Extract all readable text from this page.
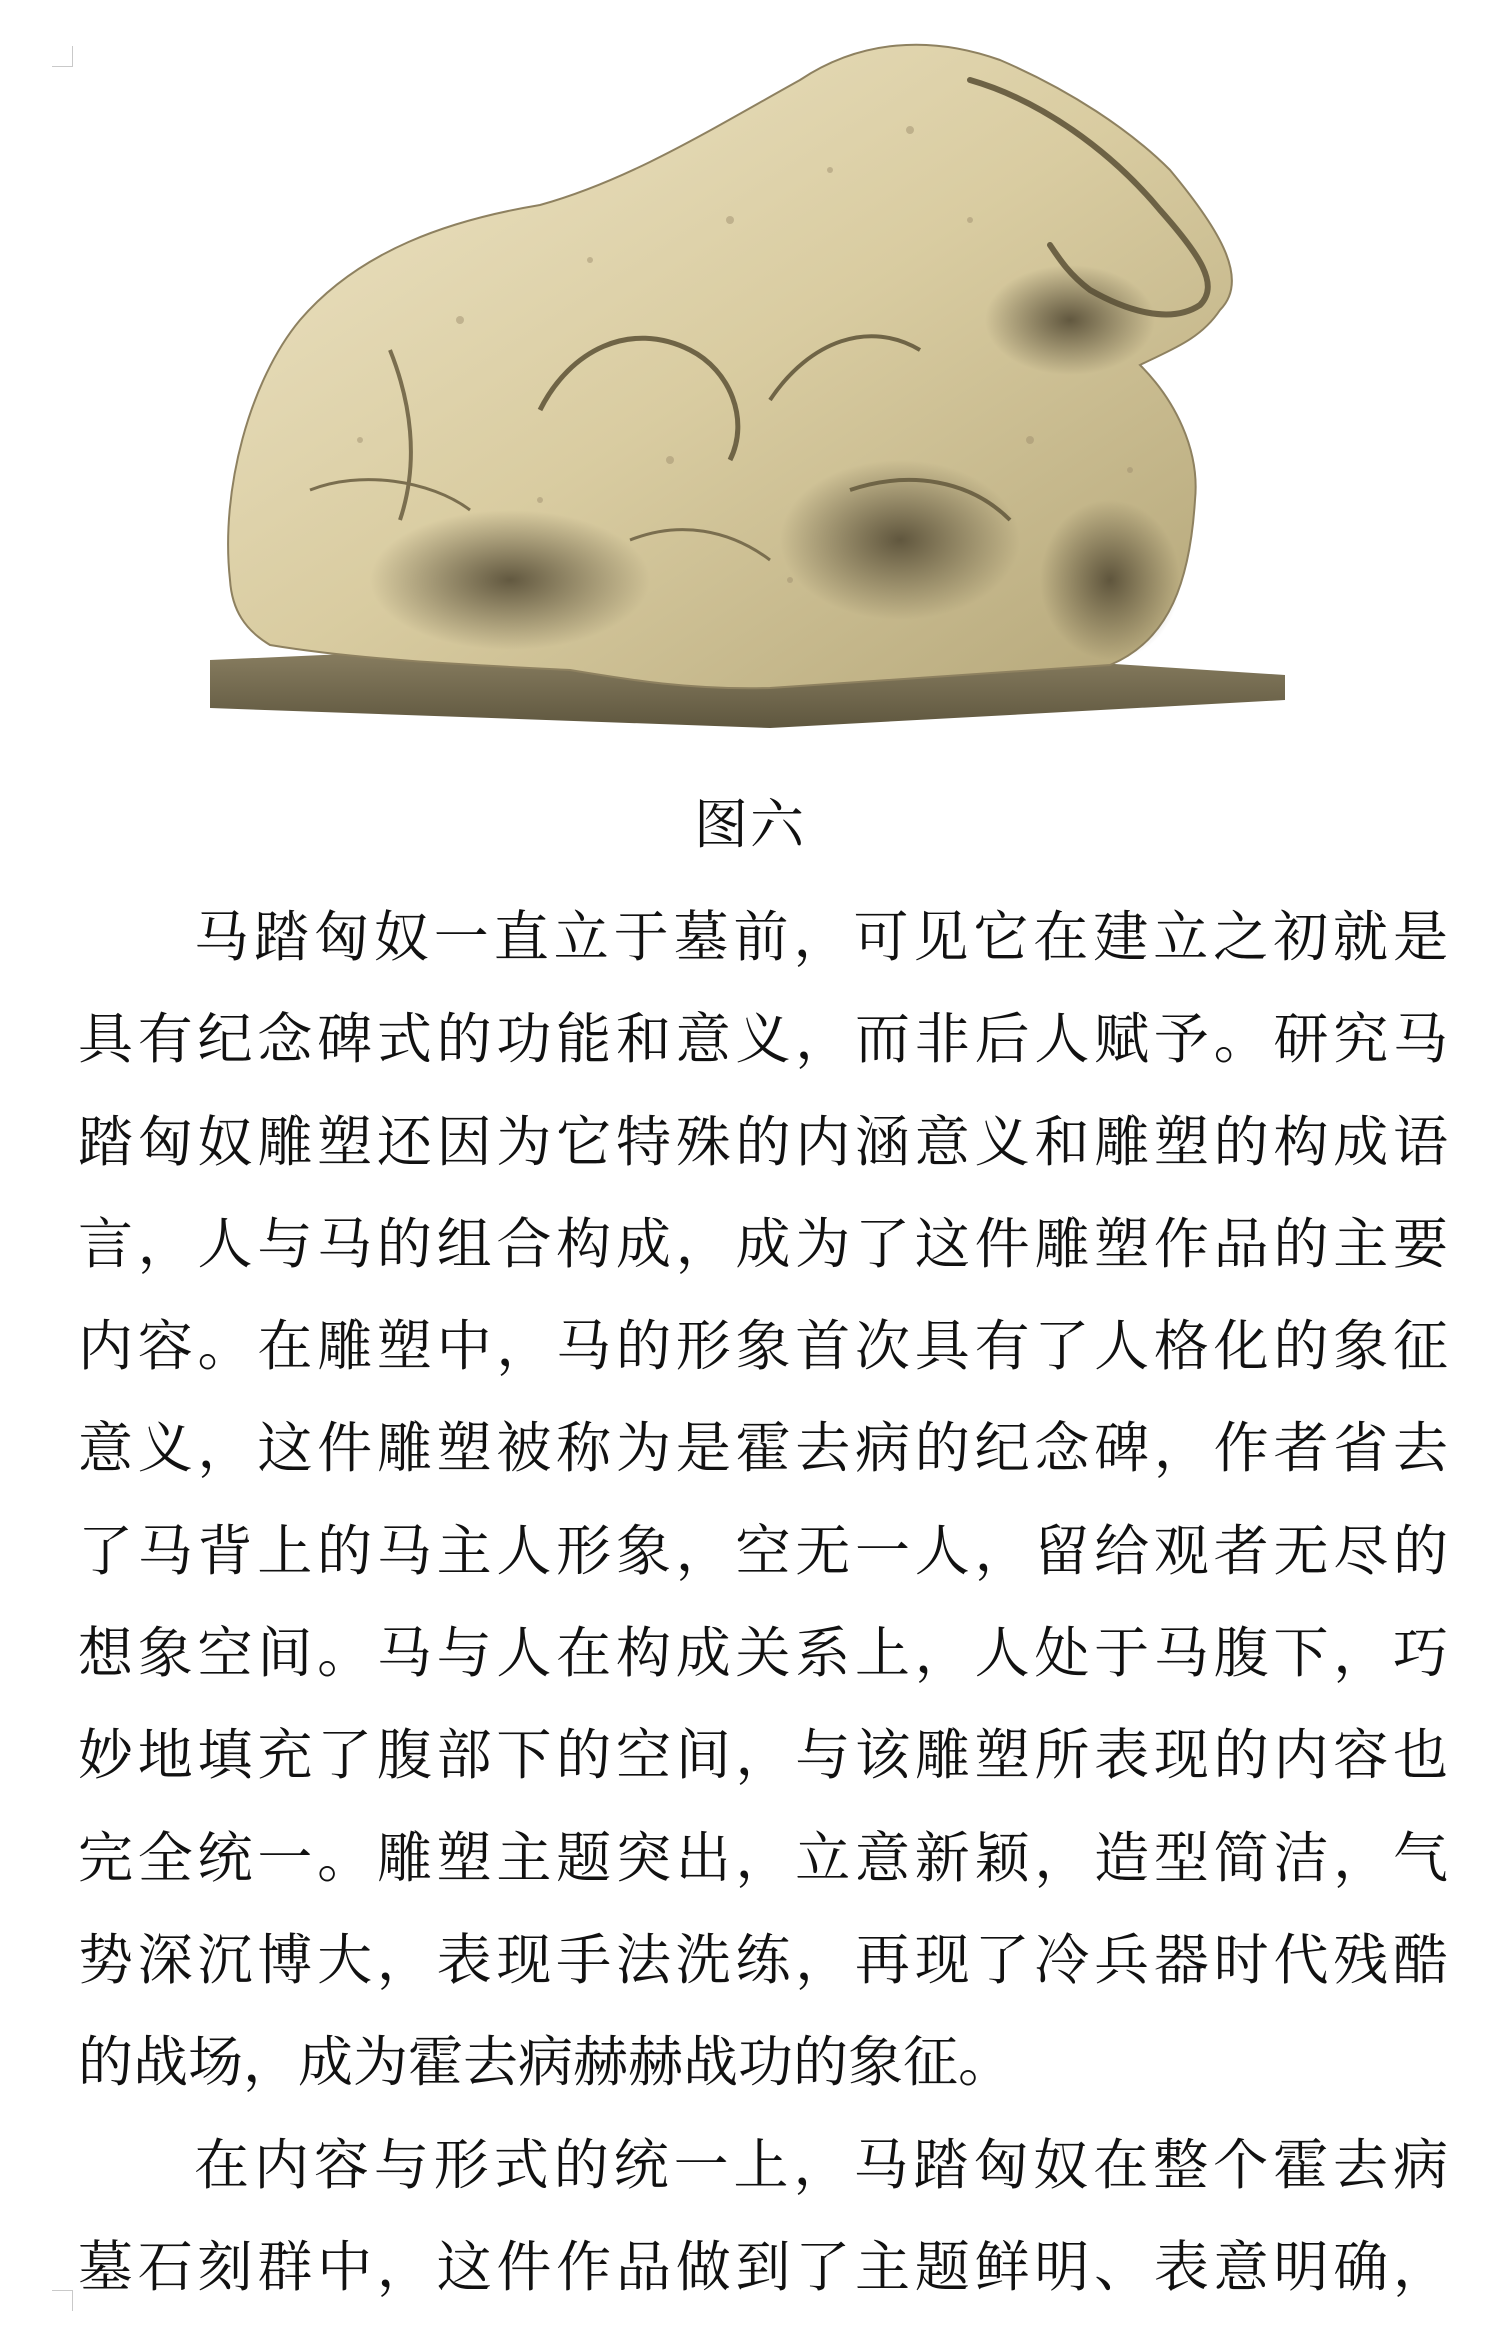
图六
马踏匈奴一直立于墓前，可见它在建立之初就是
具有纪念碑式的功能和意义，而非后人赋予。研究马
踏匈奴雕塑还因为它特殊的内涵意义和雕塑的构成语
言，人与马的组合构成，成为了这件雕塑作品的主要
内容。在雕塑中，马的形象首次具有了人格化的象征
意义，这件雕塑被称为是霍去病的纪念碑，作者省去
了马背上的马主人形象，空无一人，留给观者无尽的
想象空间。马与人在构成关系上，人处于马腹下，巧
妙地填充了腹部下的空间，与该雕塑所表现的内容也
完全统一。雕塑主题突出，立意新颖，造型简洁，气
势深沉博大，表现手法洗练，再现了冷兵器时代残酷
的战场，成为霍去病赫赫战功的象征。
在内容与形式的统一上，马踏匈奴在整个霍去病
墓石刻群中，这件作品做到了主题鲜明、表意明确，
